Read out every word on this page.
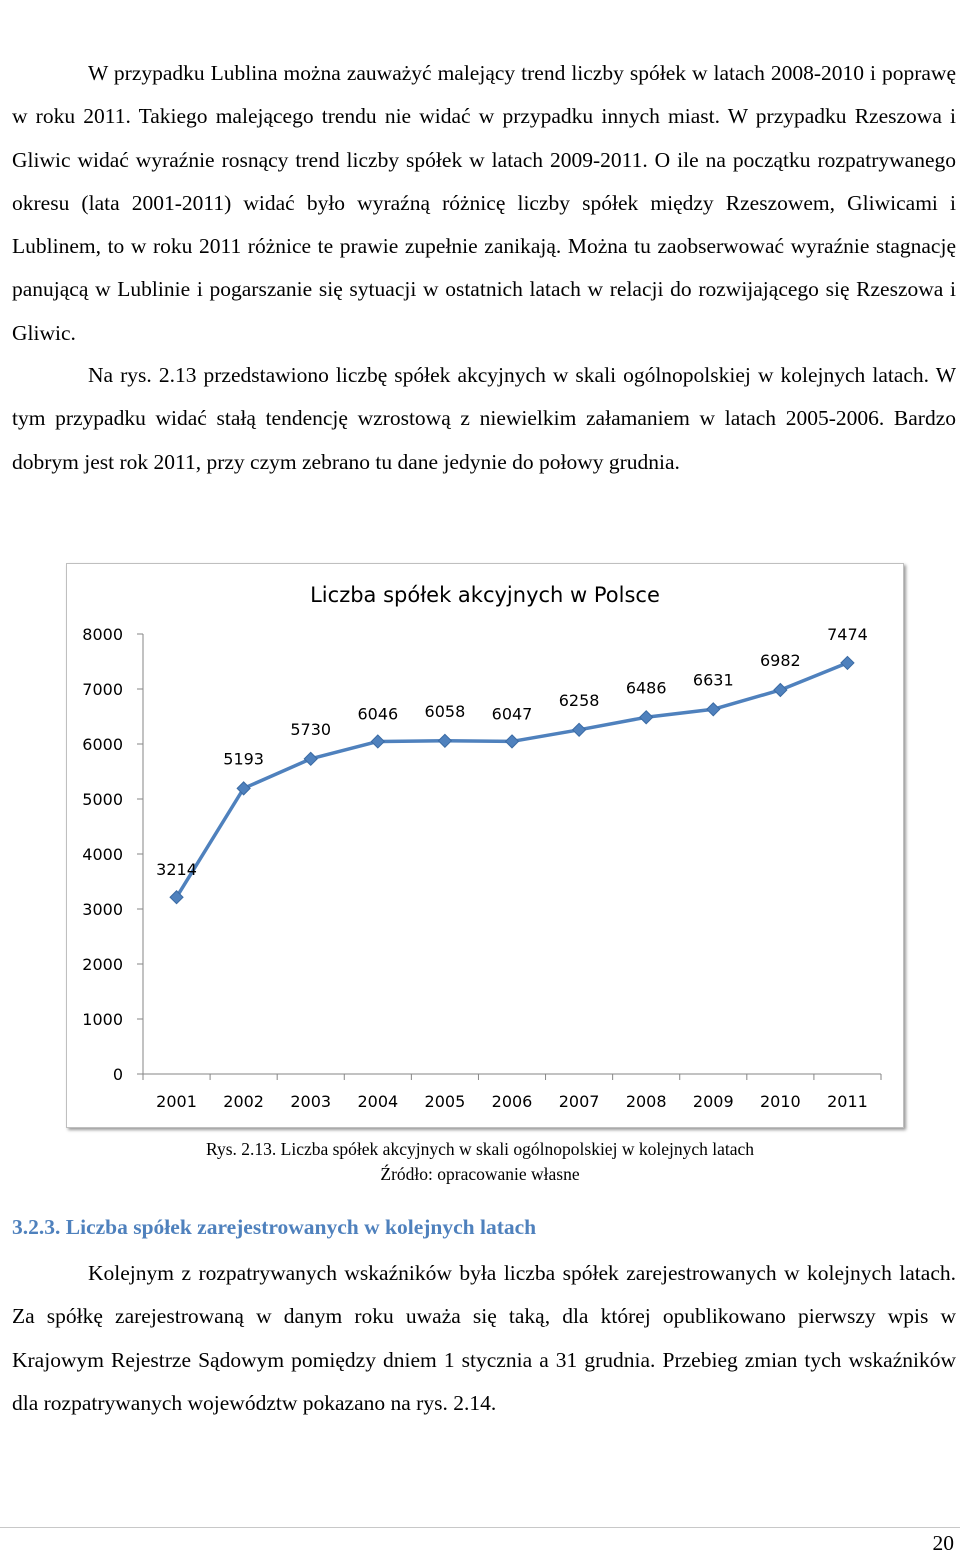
W przypadku Lublina można zauważyć malejący trend liczby spółek w latach 2008-2010 i poprawę w roku 2011. Takiego malejącego trendu nie widać w przypadku innych miast. W przypadku Rzeszowa i Gliwic widać wyraźnie rosnący trend liczby spółek w latach 2009-2011. O ile na początku rozpatrywanego okresu (lata 2001-2011) widać było wyraźną różnicę liczby spółek między Rzeszowem, Gliwicami i Lublinem, to w roku 2011 różnice te prawie zupełnie zanikają. Można tu zaobserwować wyraźnie stagnację panującą w Lublinie i pogarszanie się sytuacji w ostatnich latach w relacji do rozwijającego się Rzeszowa i Gliwic.

Na rys. 2.13 przedstawiono liczbę spółek akcyjnych w skali ogólnopolskiej w kolejnych latach. W tym przypadku widać stałą tendencję wzrostową z niewielkim załamaniem w latach 2005-2006. Bardzo dobrym jest rok 2011, przy czym zebrano tu dane jedynie do połowy grudnia.

Liczba spółek akcyjnych w Polsce
0
1000
2000
3000
4000
5000
6000
7000
8000
2001 2002 2003 2004 2005 2006 2007 2008 2009 2010 2011
3214
5193
5730
6046 6058 6047
6258
6486 6631
6982
7474
Rys. 2.13. Liczba spółek akcyjnych w skali ogólnopolskiej w kolejnych latach
Źródło: opracowanie własne
3.2.3. Liczba spółek zarejestrowanych w kolejnych latach

Kolejnym z rozpatrywanych wskaźników była liczba spółek zarejestrowanych w kolejnych latach. Za spółkę zarejestrowaną w danym roku uważa się taką, dla której opublikowano pierwszy wpis w Krajowym Rejestrze Sądowym pomiędzy dniem 1 stycznia a 31 grudnia. Przebieg zmian tych wskaźników dla rozpatrywanych województw pokazano na rys. 2.14.

20
